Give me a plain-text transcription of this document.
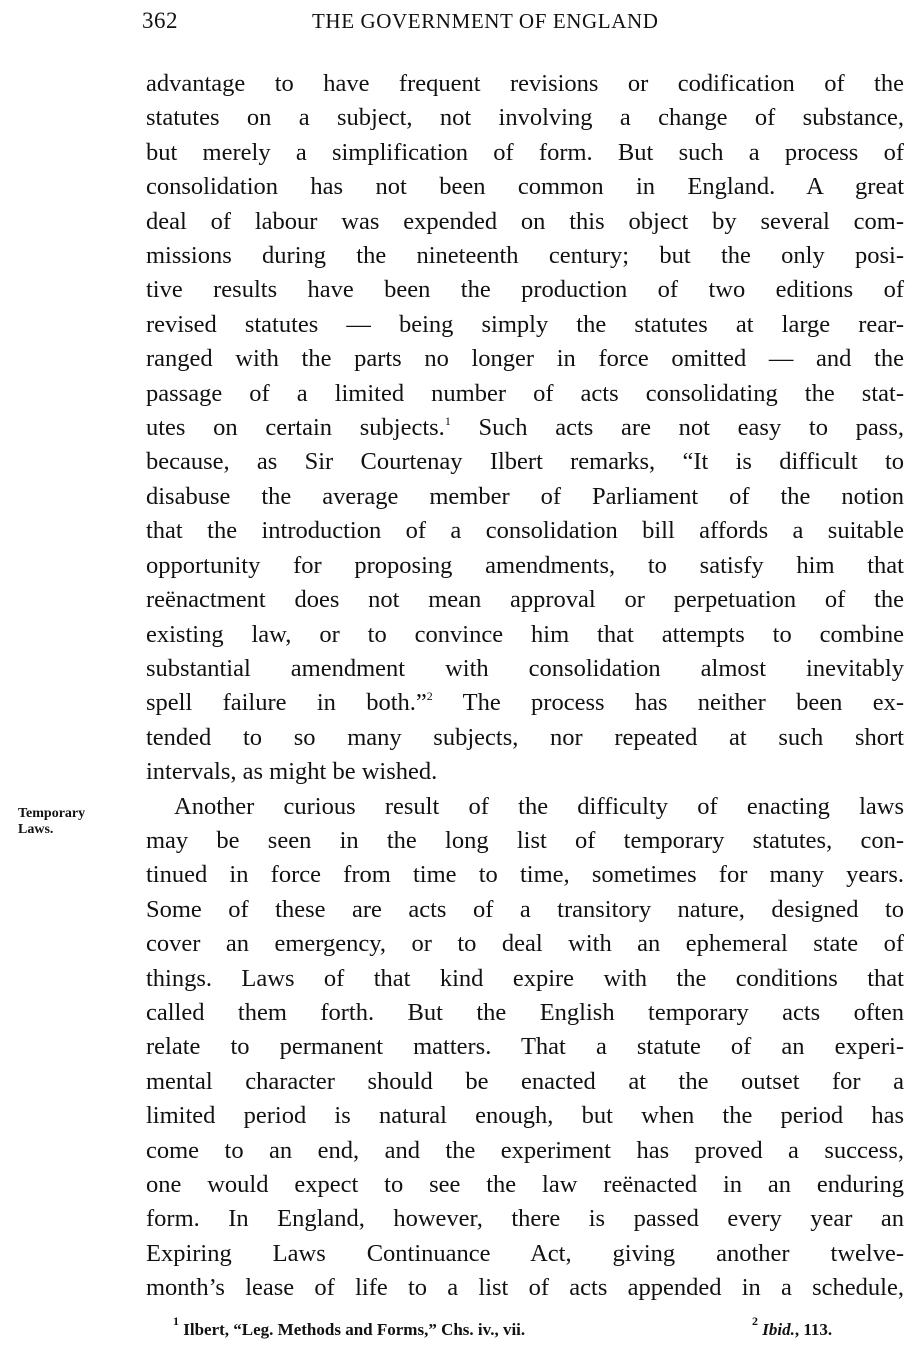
362	THE GOVERNMENT OF ENGLAND
Temporary
Laws.

advantage to have frequent revisions or codification of the
statutes on a subject, not involving a change of substance,
but merely a simplification of form. But such a process of
consolidation has not been common in England. A great
deal of labour was expended on this object by several com-
missions during the nineteenth century; but the only posi-
tive results have been the production of two editions of
revised statutes — being simply the statutes at large rear-
ranged with the parts no longer in force omitted — and the
passage of a limited number of acts consolidating the stat-
utes on certain subjects.$^1$ Such acts are not easy to pass,
because, as Sir Courtenay Ilbert remarks, “It is difficult to
disabuse the average member of Parliament of the notion
that the introduction of a consolidation bill affords a suitable
opportunity for proposing amendments, to satisfy him that
reënactment does not mean approval or perpetuation of the
existing law, or to convince him that attempts to combine
substantial amendment with consolidation almost inevitably
spell failure in both.”$^2$ The process has neither been ex-
tended to so many subjects, nor repeated at such short
intervals, as might be wished.

Another curious result of the difficulty of enacting laws
may be seen in the long list of temporary statutes, con-
tinued in force from time to time, sometimes for many years.
Some of these are acts of a transitory nature, designed to
cover an emergency, or to deal with an ephemeral state of
things. Laws of that kind expire with the conditions that
called them forth. But the English temporary acts often
relate to permanent matters. That a statute of an experi-
mental character should be enacted at the outset for a
limited period is natural enough, but when the period has
come to an end, and the experiment has proved a success,
one would expect to see the law reënacted in an enduring
form. In England, however, there is passed every year an
Expiring Laws Continuance Act, giving another twelve-
month’s lease of life to a list of acts appended in a schedule,

$^1$ Ilbert, “Leg. Methods and Forms,” Chs. iv., vii.	$^2$ Ibid., 113.
